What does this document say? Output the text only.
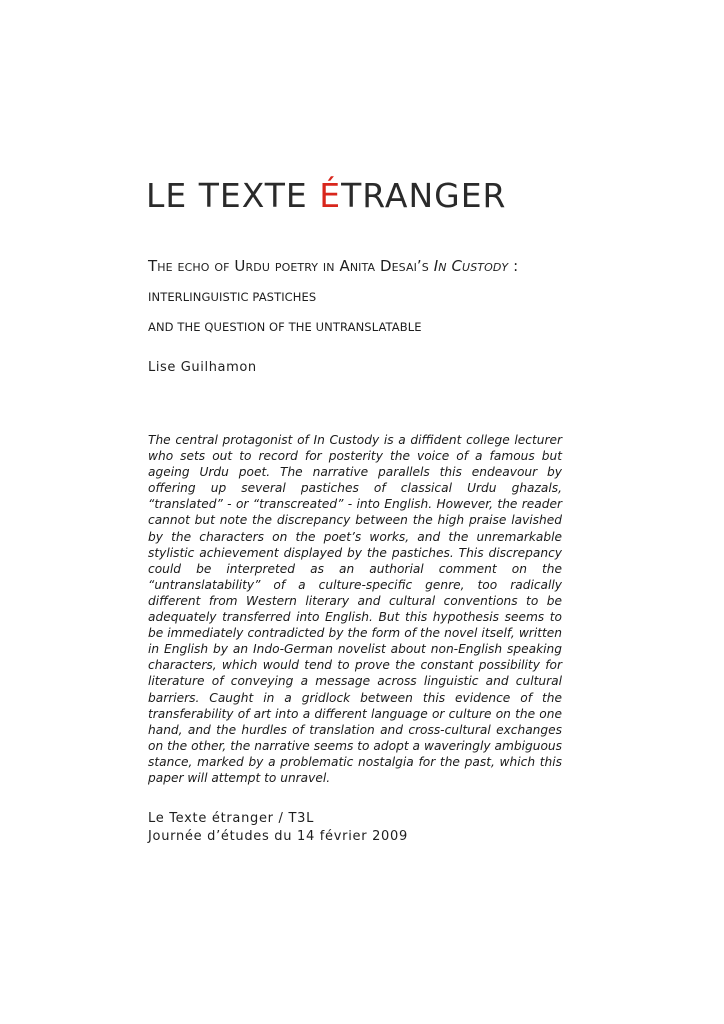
LE TEXTE ÉTRANGER
The echo of Urdu poetry in Anita Desai’s In Custody :
INTERLINGUISTIC PASTICHES
AND THE QUESTION OF THE UNTRANSLATABLE
Lise Guilhamon
The central protagonist of In Custody is a diffident college lecturer who sets out to record for posterity the voice of a famous but ageing Urdu poet. The narrative parallels this endeavour by offering up several pastiches of classical Urdu ghazals, “translated” - or “transcreated” - into English. However, the reader cannot but note the discrepancy between the high praise lavished by the characters on the poet’s works, and the unremarkable stylistic achievement displayed by the pastiches. This discrepancy could be interpreted as an authorial comment on the “untranslatability” of a culture-specific genre, too radically different from Western literary and cultural conventions to be adequately transferred into English. But this hypothesis seems to be immediately contradicted by the form of the novel itself, written in English by an Indo-German novelist about non-English speaking characters, which would tend to prove the constant possibility for literature of conveying a message across linguistic and cultural barriers. Caught in a gridlock between this evidence of the transferability of art into a different language or culture on the one hand, and the hurdles of translation and cross-cultural exchanges on the other, the narrative seems to adopt a waveringly ambiguous stance, marked by a problematic nostalgia for the past, which this paper will attempt to unravel.
Le Texte étranger / T3L
Journée d’études du 14 février 2009
